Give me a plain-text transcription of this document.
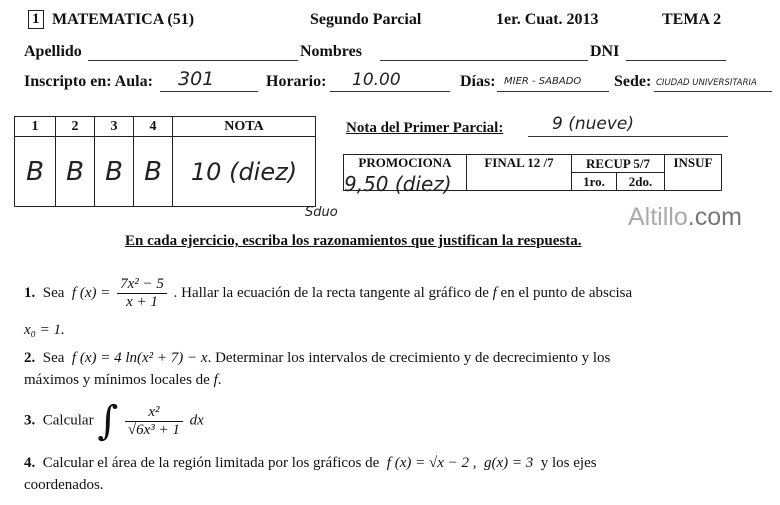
1 MATEMATICA (51)	Segundo Parcial	1er. Cuat. 2013	TEMA 2
Apellido	Nombres	DNI
Inscripto en: Aula: 301	Horario: 10.00	Días: MIER - SABADO Sede: CIUDAD UNIVERSITARIA
1	2	3	4	NOTA
B	B	B	B	10 (diez)
Nota del Primer Parcial:	9 (nueve)
PROMOCIONA	FINAL 12 /7	RECUP 5/7		INSUF
		1ro.	2do.	
9,50 (diez)
Sduo	Altillo.com
En cada ejercicio, escriba los razonamientos que justifican la respuesta.
1. Sea f $(x) = \frac{\text{7x² − 5}}{x + 1}$ . Hallar la ecuación de la recta tangente al gráfico de f en el punto de abscisa
x₀ = 1.
2. Sea f (x) = 4 ln(x² + 7) − x. Determinar los intervalos de crecimiento y de decrecimiento y los
máximos y mínimos locales de f.
3. Calcular ∫ $\frac{\text{x²}}{\text{√6x³ + 1}}$ dx
4. Calcular el área de la región limitada por los gráficos de f (x) = √x − 2 ,  g(x) = 3 y los ejes
coordenados.
